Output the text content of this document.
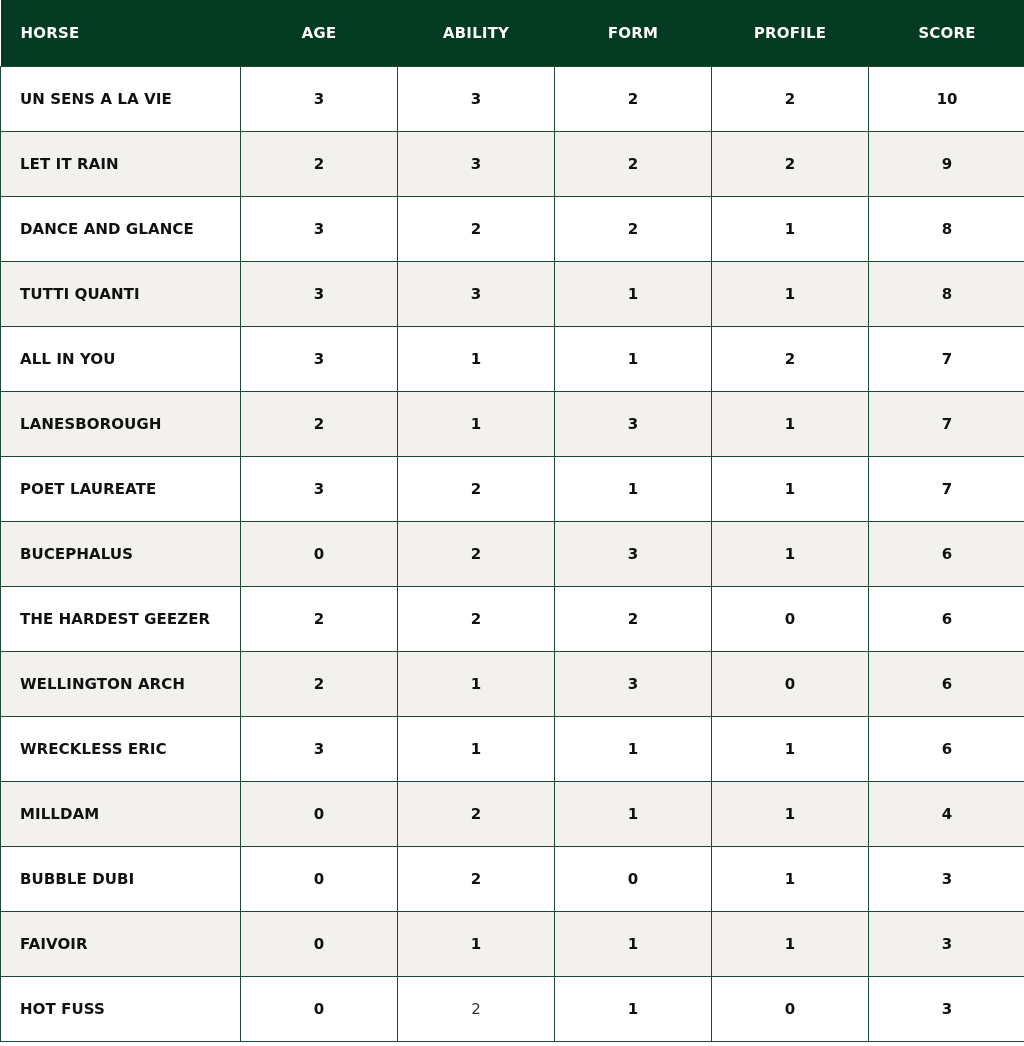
HORSE	AGE	ABILITY	FORM	PROFILE	SCORE
UN SENS A LA VIE	3	3	2	2	10
LET IT RAIN	2	3	2	2	9
DANCE AND GLANCE	3	2	2	1	8
TUTTI QUANTI	3	3	1	1	8
ALL IN YOU	3	1	1	2	7
LANESBOROUGH	2	1	3	1	7
POET LAUREATE	3	2	1	1	7
BUCEPHALUS	0	2	3	1	6
THE HARDEST GEEZER	2	2	2	0	6
WELLINGTON ARCH	2	1	3	0	6
WRECKLESS ERIC	3	1	1	1	6
MILLDAM	0	2	1	1	4
BUBBLE DUBI	0	2	0	1	3
FAIVOIR	0	1	1	1	3
HOT FUSS	0	2	1	0	3
